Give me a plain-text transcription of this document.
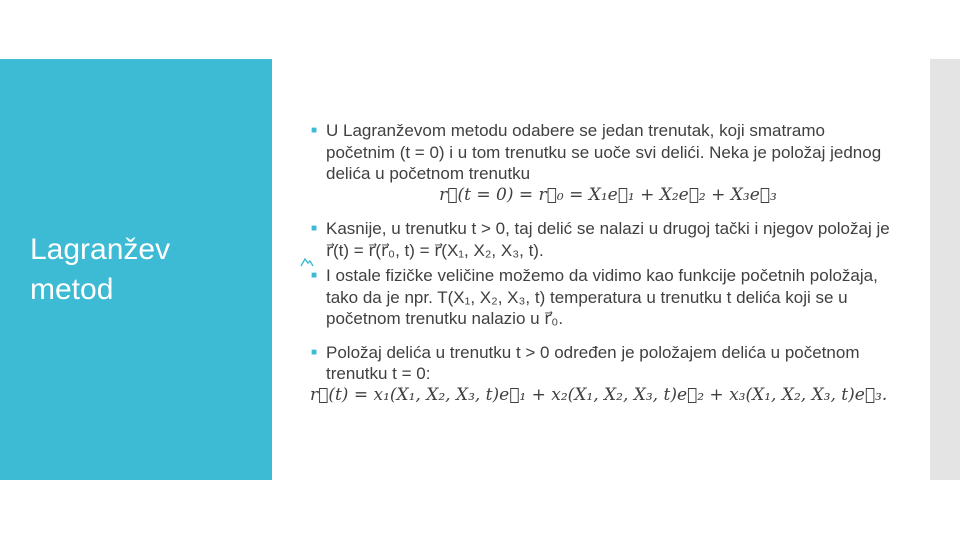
Lagranžev
metod
■ U Lagranževom metodu odabere se jedan trenutak, koji smatramo početnim (t = 0) i u tom trenutku se uoče svi delići. Neka je položaj jednog delića u početnom trenutku
r⃗(t = 0) = r⃗₀ = X₁e⃗₁ + X₂e⃗₂ + X₃e⃗₃
■ Kasnije, u trenutku t > 0, taj delić se nalazi u drugoj tački i njegov položaj je r⃗(t) = r⃗(r⃗₀, t) = r⃗(X₁, X₂, X₃, t).
■ I ostale fizičke veličine možemo da vidimo kao funkcije početnih položaja, tako da je npr. T(X₁, X₂, X₃, t) temperatura u trenutku t delića koji se u početnom trenutku nalazio u r⃗₀.
■ Položaj delića u trenutku t > 0 određen je položajem delića u početnom trenutku t = 0:
r⃗(t) = x₁(X₁, X₂, X₃, t)e⃗₁ + x₂(X₁, X₂, X₃, t)e⃗₂ + x₃(X₁, X₂, X₃, t)e⃗₃.
